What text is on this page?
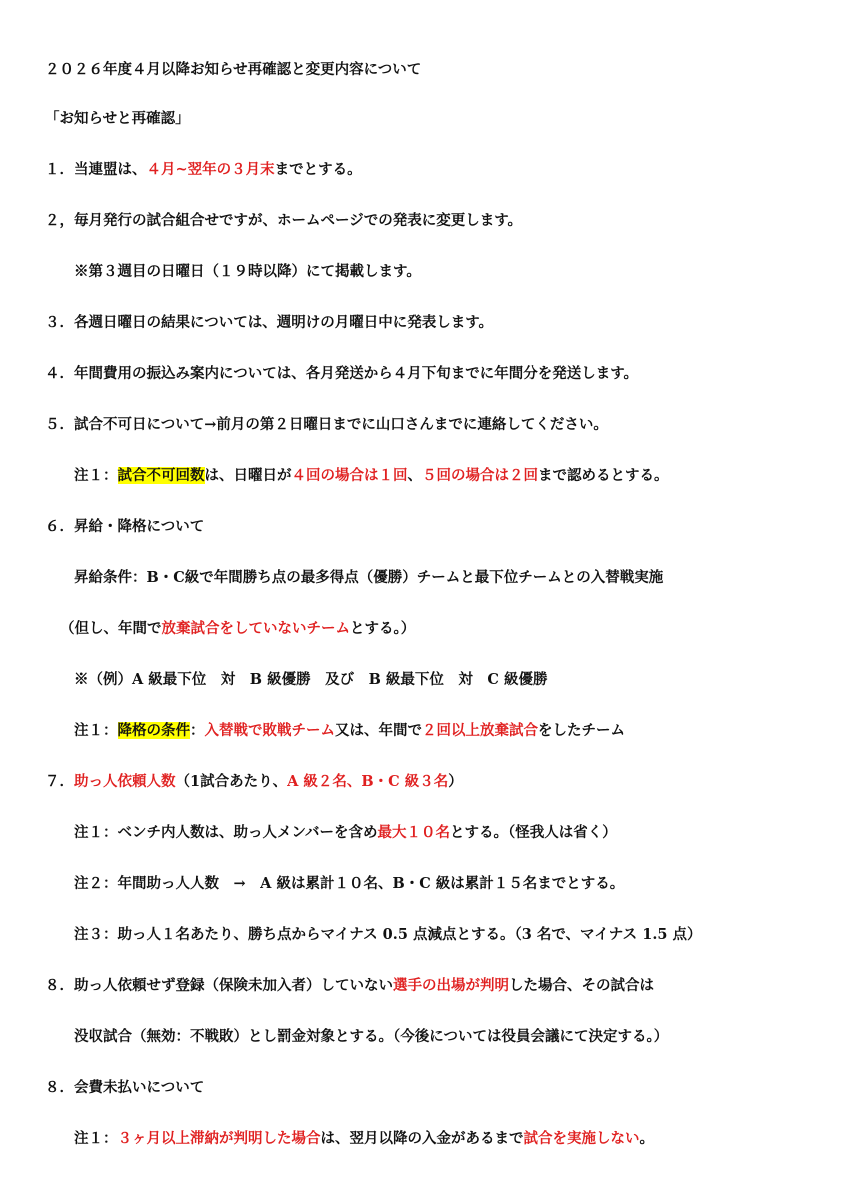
２０２６年度４月以降お知らせ再確認と変更内容について
「お知らせと再確認」
１．当連盟は、４月~翌年の３月末までとする。
２，毎月発行の試合組合せですが、ホームページでの発表に変更します。
※第３週目の日曜日（１９時以降）にて掲載します。
３．各週日曜日の結果については、週明けの月曜日中に発表します。
４．年間費用の振込み案内については、各月発送から４月下旬までに年間分を発送します。
５．試合不可日について→前月の第２日曜日までに山口さんまでに連絡してください。
注１：試合不可回数は、日曜日が４回の場合は１回、５回の場合は２回まで認めるとする。
６．昇給・降格について
昇給条件：B・C級で年間勝ち点の最多得点（優勝）チームと最下位チームとの入替戦実施
（但し、年間で放棄試合をしていないチームとする。）
※（例）A 級最下位　対　B 級優勝　及び　B 級最下位　対　C 級優勝
注１：降格の条件：入替戦で敗戦チーム又は、年間で２回以上放棄試合をしたチーム
７．助っ人依頼人数（1試合あたり、A 級２名、B・C 級３名）
注１：ベンチ内人数は、助っ人メンバーを含め最大１０名とする。（怪我人は省く）
注２：年間助っ人人数　→　A 級は累計１０名、B・C 級は累計１５名までとする。
注３：助っ人１名あたり、勝ち点からマイナス 0.5 点減点とする。（3 名で、マイナス 1.5 点）
８．助っ人依頼せず登録（保険未加入者）していない選手の出場が判明した場合、その試合は
没収試合（無効：不戦敗）とし罰金対象とする。（今後については役員会議にて決定する。）
８．会費未払いについて
注１：３ヶ月以上滞納が判明した場合は、翌月以降の入金があるまで試合を実施しない。
